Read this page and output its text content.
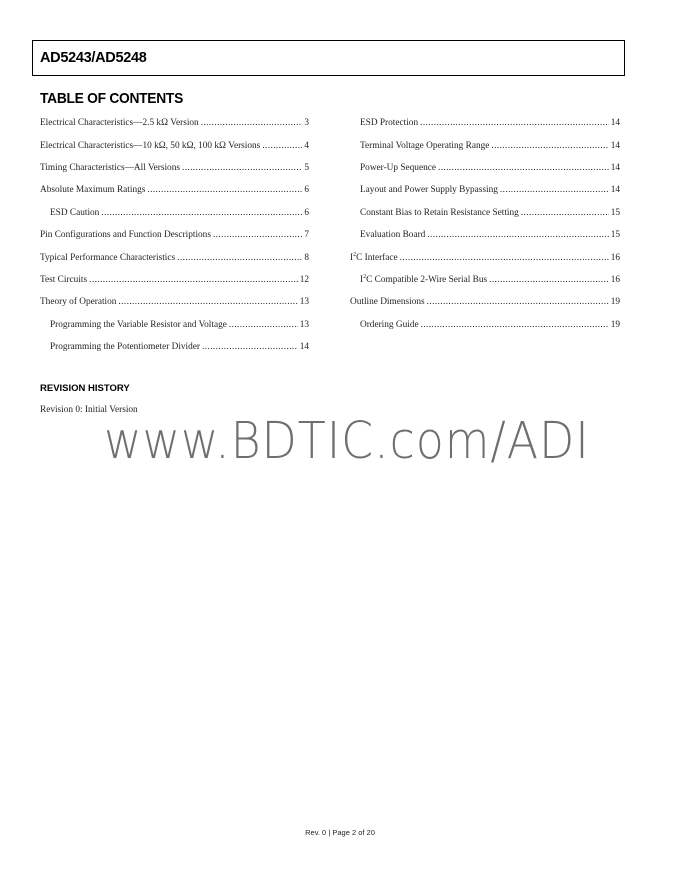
AD5243/AD5248
TABLE OF CONTENTS
Electrical Characteristics—2.5 kΩ Version .....	3
Electrical Characteristics—10 kΩ, 50 kΩ, 100 kΩ Versions .....	4
Timing Characteristics—All Versions .....	5
Absolute Maximum Ratings .....	6
ESD Caution .....	6
Pin Configurations and Function Descriptions .....	7
Typical Performance Characteristics .....	8
Test Circuits .....	12
Theory of Operation .....	13
Programming the Variable Resistor and Voltage .....	13
Programming the Potentiometer Divider .....	14
ESD Protection .....	14
Terminal Voltage Operating Range .....	14
Power-Up Sequence .....	14
Layout and Power Supply Bypassing .....	14
Constant Bias to Retain Resistance Setting .....	15
Evaluation Board .....	15
$I^2C$ Interface .....	16
$I^2C$ Compatible 2-Wire Serial Bus .....	16
Outline Dimensions .....	19
Ordering Guide .....	19
REVISION HISTORY
Revision 0: Initial Version
www.BDTIC.com/ADI
Rev. 0 | Page 2 of 20
